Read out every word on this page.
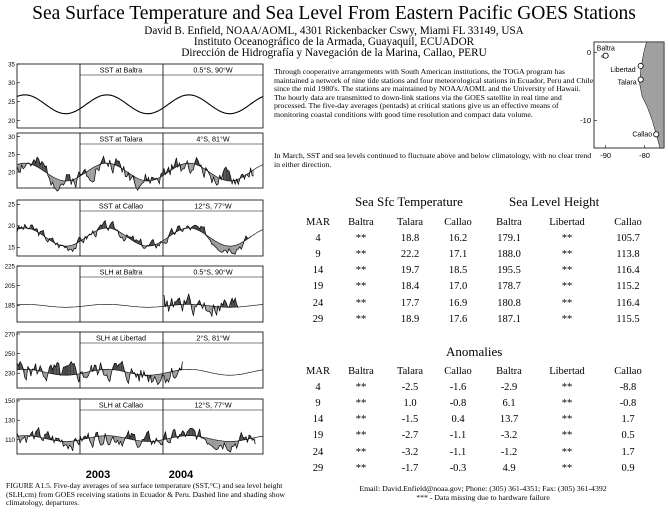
Sea Surface Temperature and Sea Level From Eastern Pacific GOES Stations
David B. Enfield, NOAA/AOML, 4301 Rickenbacker Cswy, Miami FL 33149, USA
Instituto Oceanográfico de la Armada, Guayaquil, ECUADOR
Dirección de Hidrografía y Navegación de la Marina, Callao, PERU
35
30
25
20
SST at Baltra	0.5°S, 90°W
30
25
20
SST at Talara	4°S, 81°W
25
20
15
SST at Callao	12°S, 77°W
225
205
185
SLH at Baltra	0.5°S, 90°W
270
250
230
SLH at Libertad	2°S, 81°W
150
130
110
SLH at Callao	12°S, 77°W
2003	2004
Through cooperative arrangements with South American institutions, the TOGA program has maintained a network of nine tide stations and four meteorological stations in Ecuador, Peru and Chile since the mid 1980's. The stations are maintained by NOAA/AOML and the University of Hawaii. The hourly data are transmitted to down-link stations via the GOES satellite in real time and processed. The five-day averages (pentads) at critical stations give us an effective means of monitoring coastal conditions with good time resolution and compact data volume.
In March, SST and sea levels continued to fluctuate above and below climatology, with no clear trend in either direction.
Baltra
Libertad
Talara
Callao
0
-10
-90	-80
Sea Sfc Temperature	Sea Level Height
MAR	Baltra	Talara	Callao	Baltra	Libertad	Callao
4	**	18.8	16.2	179.1	**	105.7
9	**	22.2	17.1	188.0	**	113.8
14	**	19.7	18.5	195.5	**	116.4
19	**	18.4	17.0	178.7	**	115.2
24	**	17.7	16.9	180.8	**	116.4
29	**	18.9	17.6	187.1	**	115.5
Anomalies
MAR	Baltra	Talara	Callao	Baltra	Libertad	Callao
4	**	-2.5	-1.6	-2.9	**	-8.8
9	**	1.0	-0.8	6.1	**	-0.8
14	**	-1.5	0.4	13.7	**	1.7
19	**	-2.7	-1.1	-3.2	**	0.5
24	**	-3.2	-1.1	-1.2	**	1.7
29	**	-1.7	-0.3	4.9	**	0.9
FIGURE A1.5. Five-day averages of sea surface temperature (SST,°C) and sea level height (SLH,cm) from GOES receiving stations in Ecuador & Peru. Dashed line and shading show climatology, departures.
Email: David.Enfield@noaa.gov; Phone: (305) 361-4351; Fax: (305) 361-4392
*** - Data missing due to hardware failure
